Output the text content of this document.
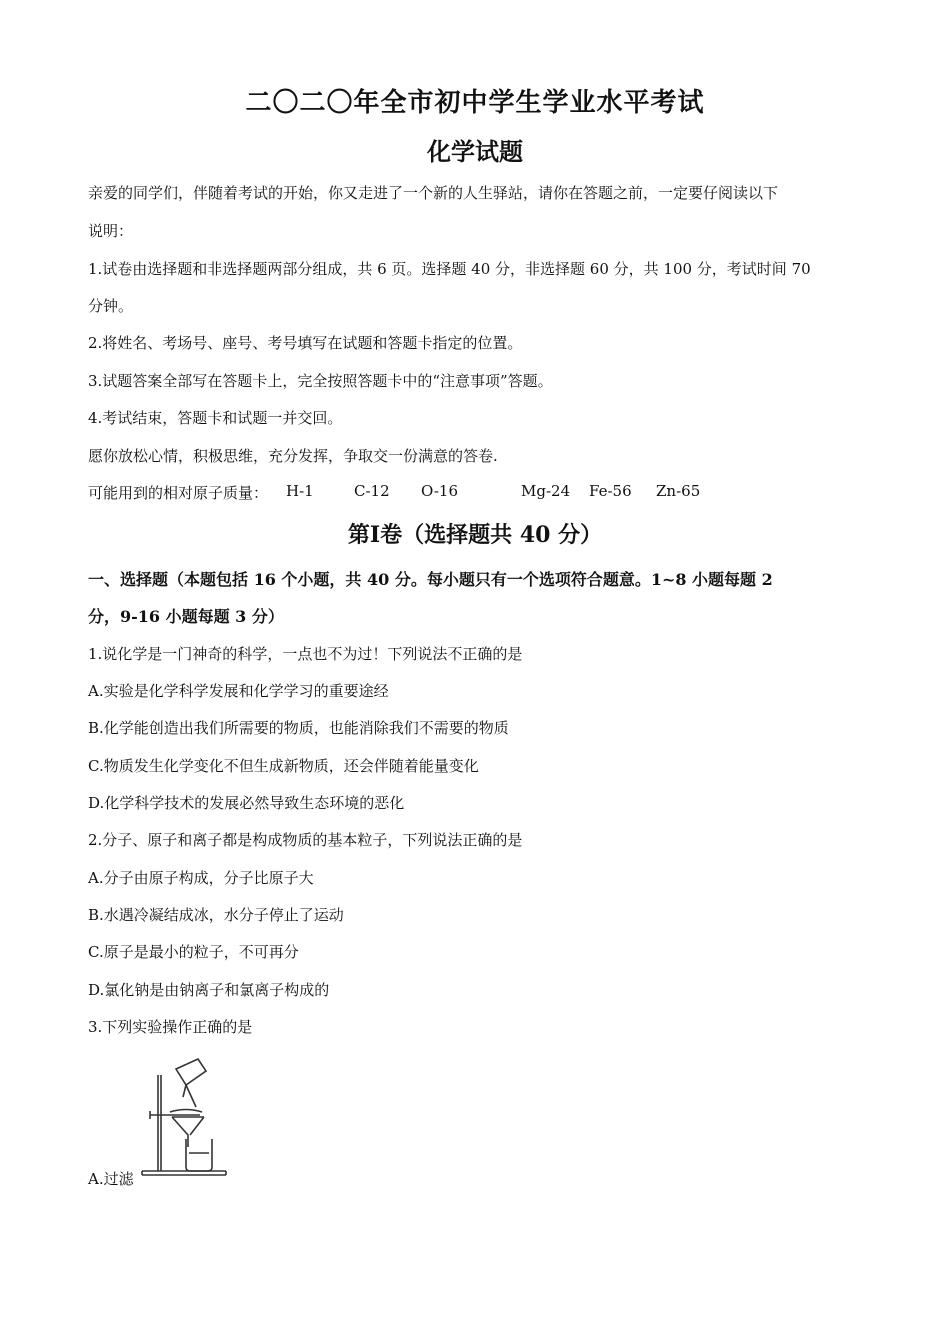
二〇二〇年全市初中学生学业水平考试
化学试题
亲爱的同学们，伴随着考试的开始，你又走进了一个新的人生驿站，请你在答题之前，一定要仔阅读以下
说明：
1.试卷由选择题和非选择题两部分组成，共 6 页。选择题 40 分，非选择题 60 分，共 100 分，考试时间 70
分钟。
2.将姓名、考场号、座号、考号填写在试题和答题卡指定的位置。
3.试题答案全部写在答题卡上，完全按照答题卡中的“注意事项”答题。
4.考试结束，答题卡和试题一并交回。
愿你放松心情，积极思维，充分发挥，争取交一份满意的答卷.
可能用到的相对原子质量： H-1	C-12 O-16	Mg-24 Fe-56 Zn-65
第Ⅰ卷（选择题共 40 分）
一、选择题（本题包括 16 个小题，共 40 分。每小题只有一个选项符合题意。1~8 小题每题 2
分，9-16 小题每题 3 分）
1.说化学是一门神奇的科学，一点也不为过！下列说法不正确的是
A.实验是化学科学发展和化学学习的重要途经
B.化学能创造出我们所需要的物质，也能消除我们不需要的物质
C.物质发生化学变化不但生成新物质，还会伴随着能量变化
D.化学科学技术的发展必然导致生态环境的恶化
2.分子、原子和离子都是构成物质的基本粒子，下列说法正确的是
A.分子由原子构成，分子比原子大
B.水遇冷凝结成冰，水分子停止了运动
C.原子是最小的粒子，不可再分
D.氯化钠是由钠离子和氯离子构成的
3.下列实验操作正确的是
A.过滤
